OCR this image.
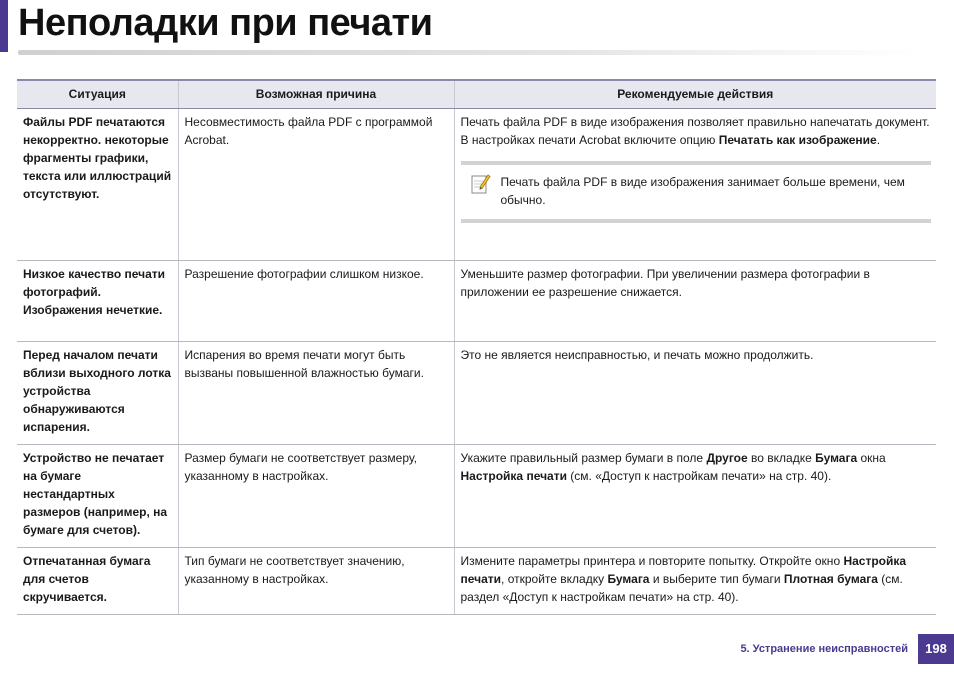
Неполадки при печати
Ситуация	Возможная причина	Рекомендуемые действия
Файлы PDF печатаются некорректно. некоторые фрагменты графики, текста или иллюстраций отсутствуют.	Несовместимость файла PDF с программой Acrobat.	Печать файла PDF в виде изображения позволяет правильно напечатать документ. В настройках печати Acrobat включите опцию Печатать как изображение.
Печать файла PDF в виде изображения занимает больше времени, чем обычно.

Низкое качество печати фотографий. Изображения нечеткие.	Разрешение фотографии слишком низкое.	Уменьшите размер фотографии. При увеличении размера фотографии в приложении ее разрешение снижается.
Перед началом печати вблизи выходного лотка устройства обнаруживаются испарения.	Испарения во время печати могут быть вызваны повышенной влажностью бумаги.	Это не является неисправностью, и печать можно продолжить.
Устройство не печатает на бумаге нестандартных размеров (например, на бумаге для счетов).	Размер бумаги не соответствует размеру, указанному в настройках.	Укажите правильный размер бумаги в поле Другое во вкладке Бумага окна Настройка печати (см. «Доступ к настройкам печати» на стр. 40).
Отпечатанная бумага для счетов скручивается.	Тип бумаги не соответствует значению, указанному в настройках.	Измените параметры принтера и повторите попытку. Откройте окно Настройка печати, откройте вкладку Бумага и выберите тип бумаги Плотная бумага (см. раздел «Доступ к настройкам печати» на стр. 40).
5. Устранение неисправностей	198
